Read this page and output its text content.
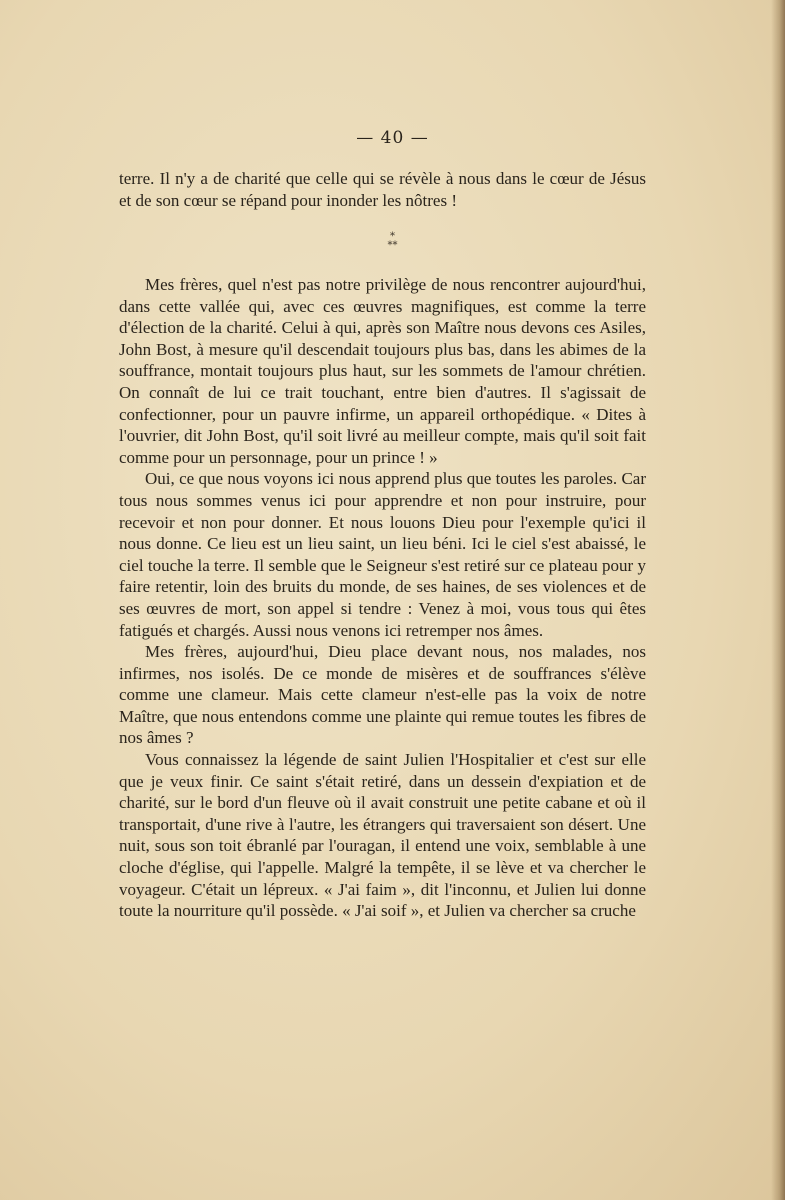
— 40 —

terre. Il n'y a de charité que celle qui se révèle à nous dans le cœur de Jésus et de son cœur se répand pour inonder les nôtres !

*
**

Mes frères, quel n'est pas notre privilège de nous rencontrer aujourd'hui, dans cette vallée qui, avec ces œuvres magnifiques, est comme la terre d'élection de la charité. Celui à qui, après son Maître nous devons ces Asiles, John Bost, à mesure qu'il descendait toujours plus bas, dans les abimes de la souffrance, montait toujours plus haut, sur les sommets de l'amour chrétien. On connaît de lui ce trait touchant, entre bien d'autres. Il s'agissait de confectionner, pour un pauvre infirme, un appareil orthopédique. « Dites à l'ouvrier, dit John Bost, qu'il soit livré au meilleur compte, mais qu'il soit fait comme pour un personnage, pour un prince ! »

Oui, ce que nous voyons ici nous apprend plus que toutes les paroles. Car tous nous sommes venus ici pour apprendre et non pour instruire, pour recevoir et non pour donner. Et nous louons Dieu pour l'exemple qu'ici il nous donne. Ce lieu est un lieu saint, un lieu béni. Ici le ciel s'est abaissé, le ciel touche la terre. Il semble que le Seigneur s'est retiré sur ce plateau pour y faire retentir, loin des bruits du monde, de ses haines, de ses violences et de ses œuvres de mort, son appel si tendre : Venez à moi, vous tous qui êtes fatigués et chargés. Aussi nous venons ici retremper nos âmes.

Mes frères, aujourd'hui, Dieu place devant nous, nos malades, nos infirmes, nos isolés. De ce monde de misères et de souffrances s'élève comme une clameur. Mais cette clameur n'est-elle pas la voix de notre Maître, que nous entendons comme une plainte qui remue toutes les fibres de nos âmes ?

Vous connaissez la légende de saint Julien l'Hospitalier et c'est sur elle que je veux finir. Ce saint s'était retiré, dans un dessein d'expiation et de charité, sur le bord d'un fleuve où il avait construit une petite cabane et où il transportait, d'une rive à l'autre, les étrangers qui traversaient son désert. Une nuit, sous son toit ébranlé par l'ouragan, il entend une voix, semblable à une cloche d'église, qui l'appelle. Malgré la tempête, il se lève et va chercher le voyageur. C'était un lépreux. « J'ai faim », dit l'inconnu, et Julien lui donne toute la nourriture qu'il possède. « J'ai soif », et Julien va chercher sa cruche
